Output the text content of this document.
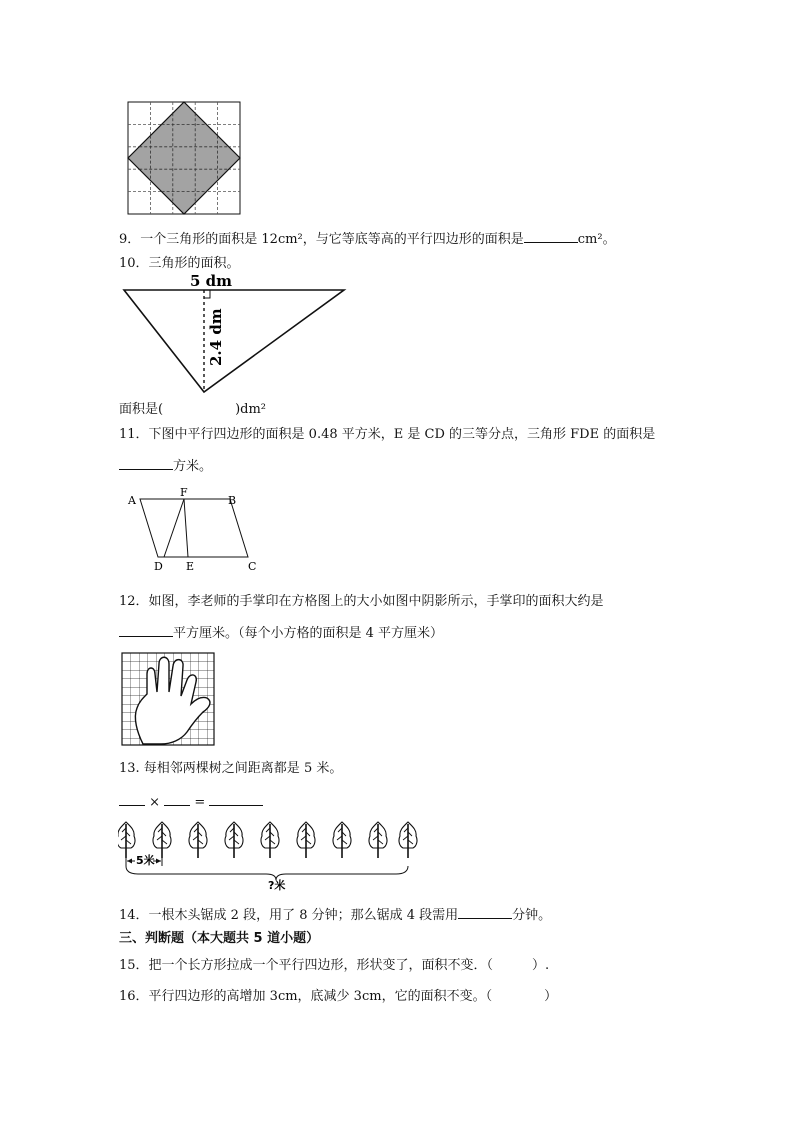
9．一个三角形的面积是 12cm²，与它等底等高的平行四边形的面积是	cm²。
10．三角形的面积。
5 dm
2.4 dm
面积是(	)dm²
11．下图中平行四边形的面积是 0.48 平方米，E 是 CD 的三等分点，三角形 FDE 的面积是
方米。
A
F
B
D E	C
12．如图，李老师的手掌印在方格图上的大小如图中阴影所示，手掌印的面积大约是
平方厘米。（每个小方格的面积是 4 平方厘米）
13. 每相邻两棵树之间距离都是 5 米。
×	=
5米
?米
14．一根木头锯成 2 段，用了 8 分钟；那么锯成 4 段需用	分钟。
三、判断题（本大题共 5 道小题）
15．把一个长方形拉成一个平行四边形，形状变了，面积不变．（　　　）.
16．平行四边形的高增加 3cm，底减少 3cm，它的面积不变。（　　　　）
